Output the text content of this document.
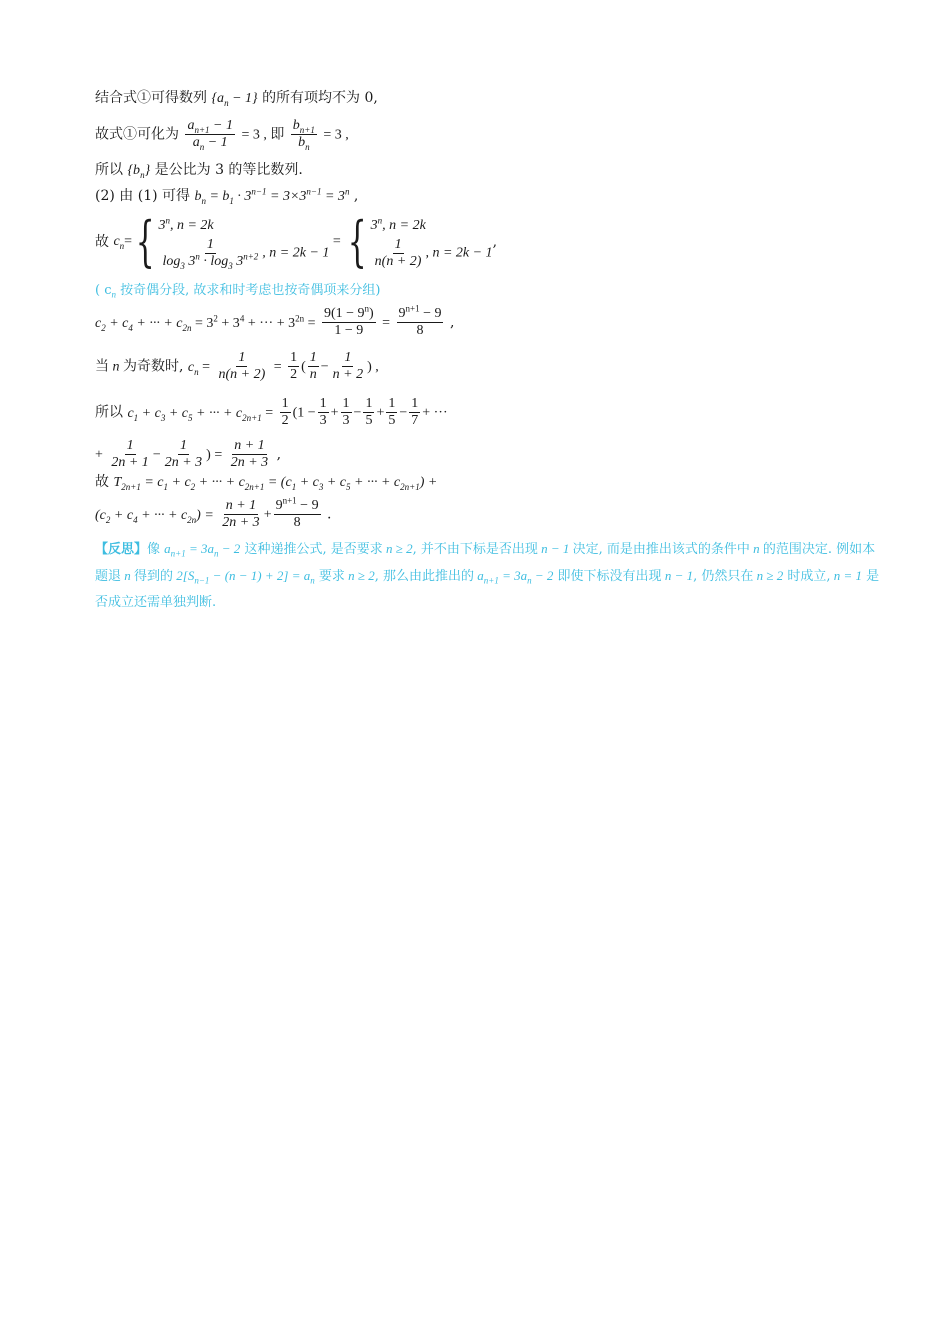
结合式①可得数列 $\{a_n - 1\}$ 的所有项均不为 0,
故式①可化为 $\frac{a_{n+1} - 1}{a_n - 1} = 3$ , 即 $\frac{b_{n+1}}{b_n} = 3$ ,
所以 $\{b_n\}$ 是公比为 3 的等比数列.
(2) 由 (1) 可得 $b_n = b_1 \cdot 3^{n-1} = 3\times 3^{n-1} = 3^n$ ,
故
$c_n$ = { 3$^n$, n = 2k
$\frac{1}{\log_3 3^n \cdot \log_3 3^{n+2}}$ , n = 2k − 1
= { 3$^n$, n = 2k
$\frac{1}{n(n + 2)}$ , n = 2k − 1
,
( $c_n$ 按奇偶分段, 故求和时考虑也按奇偶项来分组)
$c_2 + c_4$ + ··· + $c_{2n} = 3^2 + 3^4$ + ··· + $3^{2n} = \frac{9(1 - 9^n)}{1 - 9} = \frac{9^{n+1} - 9}{8}$ ,
当 n 为奇数时, $c_n = \frac{1}{n(n + 2)} = \frac{1}{2}$ ( $\frac{1}{n} - \frac{1}{n + 2}$ ) ,
所以 $c_1 + c_3 + c_5$ + ··· + $c_{2n+1} = \frac{1}{2} (1 - \frac{1}{3} + \frac{1}{3} - \frac{1}{5} + \frac{1}{5} - \frac{1}{7}$ + ···
+ $\frac{1}{2n + 1} - \frac{1}{2n + 3}$ ) = $\frac{n + 1}{2n + 3}$ ,
故 $T_{2n+1} = c_1 + c_2$ + ··· + $c_{2n+1} = (c_1 + c_3 + c_5$ + ··· + $c_{2n+1}$) +
($c_2 + c_4$ + ··· + $c_{2n}) = \frac{n + 1}{2n + 3} + \frac{9^{n+1} - 9}{8}$ .
【反思】像 $a_{n+1} = 3a_n - 2$ 这种递推公式, 是否要求 n ≥ 2, 并不由下标是否出现 n − 1 决定, 而是由推出该式的条件中 n 的范围决定. 例如本题退 n 得到的 $2[S_{n-1} - (n - 1) + 2] = a_n$ 要求 n ≥ 2, 那么由此推出的 $a_{n+1} = 3a_n - 2$ 即使下标没有出现 n − 1, 仍然只在 n ≥ 2 时成立, n = 1 是否成立还需单独判断.
